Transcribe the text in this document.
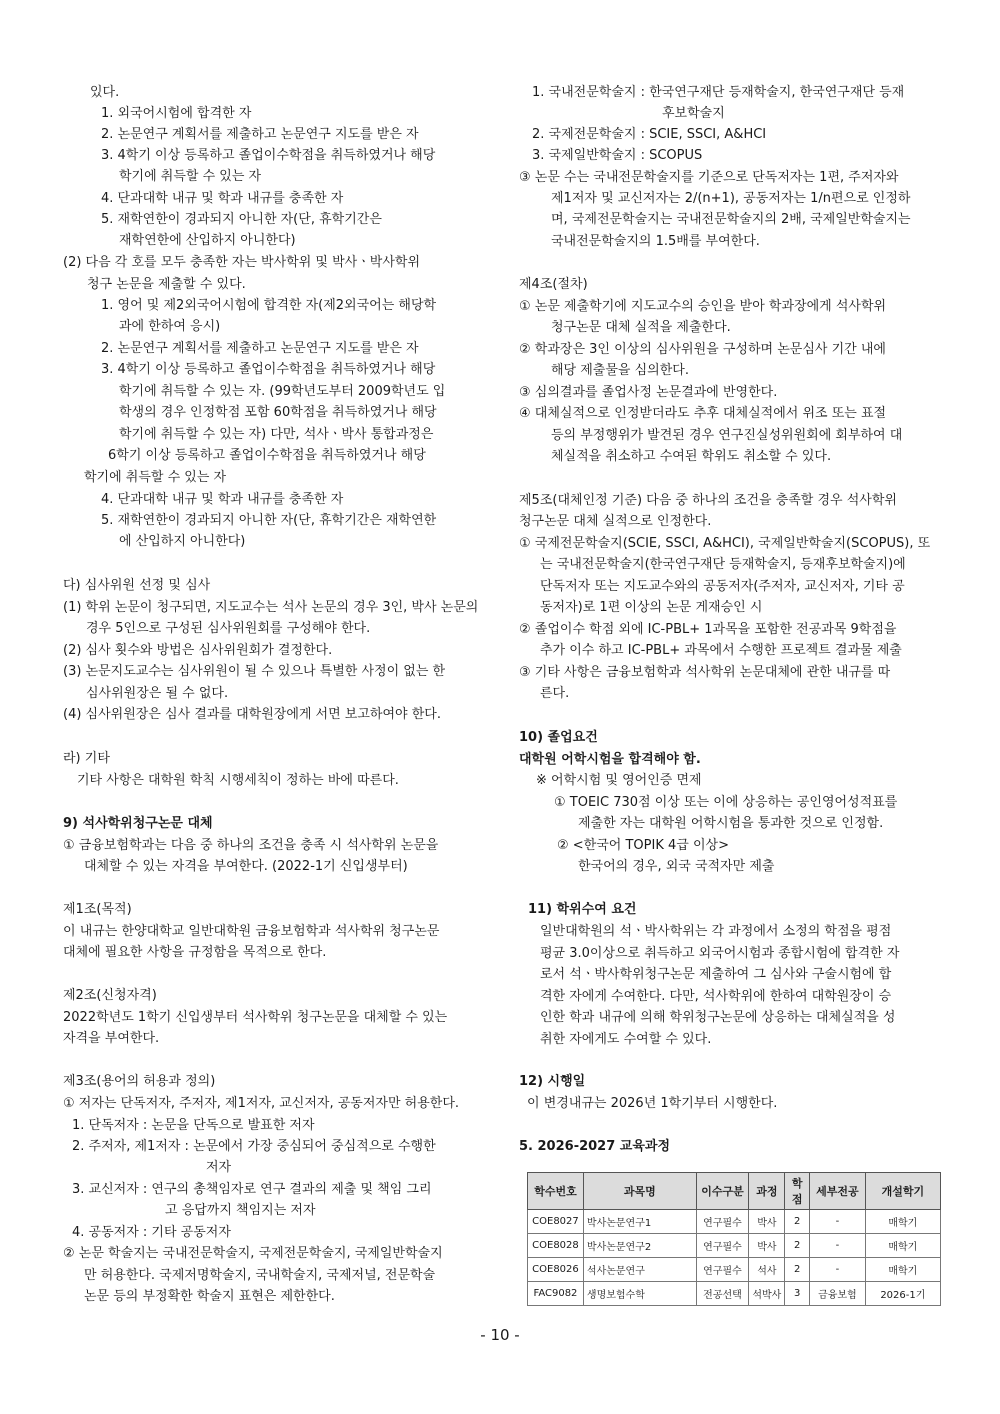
있다.
1. 외국어시험에 합격한 자
2. 논문연구 계획서를 제출하고 논문연구 지도를 받은 자
3. 4학기 이상 등록하고 졸업이수학점을 취득하였거나 해당
학기에 취득할 수 있는 자
4. 단과대학 내규 및 학과 내규를 충족한 자
5. 재학연한이 경과되지 아니한 자(단, 휴학기간은
재학연한에 산입하지 아니한다)
(2) 다음 각 호를 모두 충족한 자는 박사학위 및 박사ㆍ박사학위
청구 논문을 제출할 수 있다.
1. 영어 및 제2외국어시험에 합격한 자(제2외국어는 해당학
과에 한하여 응시)
2. 논문연구 계획서를 제출하고 논문연구 지도를 받은 자
3. 4학기 이상 등록하고 졸업이수학점을 취득하였거나 해당
학기에 취득할 수 있는 자. (99학년도부터 2009학년도 입
학생의 경우 인정학점 포함 60학점을 취득하였거나 해당
학기에 취득할 수 있는 자) 다만, 석사ㆍ박사 통합과정은
6학기 이상 등록하고 졸업이수학점을 취득하였거나 해당
학기에 취득할 수 있는 자
4. 단과대학 내규 및 학과 내규를 충족한 자
5. 재학연한이 경과되지 아니한 자(단, 휴학기간은 재학연한
에 산입하지 아니한다)
다) 심사위원 선정 및 심사
(1) 학위 논문이 청구되면, 지도교수는 석사 논문의 경우 3인, 박사 논문의
경우 5인으로 구성된 심사위원회를 구성해야 한다.
(2) 심사 횟수와 방법은 심사위원회가 결정한다.
(3) 논문지도교수는 심사위원이 될 수 있으나 특별한 사정이 없는 한
심사위원장은 될 수 없다.
(4) 심사위원장은 심사 결과를 대학원장에게 서면 보고하여야 한다.
라) 기타
기타 사항은 대학원 학칙 시행세칙이 정하는 바에 따른다.
9) 석사학위청구논문 대체
① 금융보험학과는 다음 중 하나의 조건을 충족 시 석사학위 논문을
대체할 수 있는 자격을 부여한다. (2022-1기 신입생부터)
제1조(목적)
이 내규는 한양대학교 일반대학원 금융보험학과 석사학위 청구논문
대체에 필요한 사항을 규정함을 목적으로 한다.
제2조(신청자격)
2022학년도 1학기 신입생부터 석사학위 청구논문을 대체할 수 있는
자격을 부여한다.
제3조(용어의 허용과 정의)
① 저자는 단독저자, 주저자, 제1저자, 교신저자, 공동저자만 허용한다.
1. 단독저자 : 논문을 단독으로 발표한 저자
2. 주저자, 제1저자 : 논문에서 가장 중심되어 중심적으로 수행한
저자
3. 교신저자 : 연구의 총책임자로 연구 결과의 제출 및 책임 그리
고 응답까지 책임지는 저자
4. 공동저자 : 기타 공동저자
② 논문 학술지는 국내전문학술지, 국제전문학술지, 국제일반학술지
만 허용한다. 국제저명학술지, 국내학술지, 국제저널, 전문학술
논문 등의 부정확한 학술지 표현은 제한한다.
1. 국내전문학술지 : 한국연구재단 등재학술지, 한국연구재단 등재
후보학술지
2. 국제전문학술지 : SCIE, SSCI, A&HCI
3. 국제일반학술지 : SCOPUS
③ 논문 수는 국내전문학술지를 기준으로 단독저자는 1편, 주저자와
제1저자 및 교신저자는 2/(n+1), 공동저자는 1/n편으로 인정하
며, 국제전문학술지는 국내전문학술지의 2배, 국제일반학술지는
국내전문학술지의 1.5배를 부여한다.
제4조(절차)
① 논문 제출학기에 지도교수의 승인을 받아 학과장에게 석사학위
청구논문 대체 실적을 제출한다.
② 학과장은 3인 이상의 심사위원을 구성하며 논문심사 기간 내에
해당 제출물을 심의한다.
③ 심의결과를 졸업사정 논문결과에 반영한다.
④ 대체실적으로 인정받더라도 추후 대체실적에서 위조 또는 표절
등의 부정행위가 발견된 경우 연구진실성위원회에 회부하여 대
체실적을 취소하고 수여된 학위도 취소할 수 있다.
제5조(대체인정 기준) 다음 중 하나의 조건을 충족할 경우 석사학위
청구논문 대체 실적으로 인정한다.
① 국제전문학술지(SCIE, SSCI, A&HCI), 국제일반학술지(SCOPUS), 또
는 국내전문학술지(한국연구재단 등재학술지, 등재후보학술지)에
단독저자 또는 지도교수와의 공동저자(주저자, 교신저자, 기타 공
동저자)로 1편 이상의 논문 게재승인 시
② 졸업이수 학점 외에 IC-PBL+ 1과목을 포함한 전공과목 9학점을
추가 이수 하고 IC-PBL+ 과목에서 수행한 프로젝트 결과물 제출
③ 기타 사항은 금융보험학과 석사학위 논문대체에 관한 내규를 따
른다.
10) 졸업요건
대학원 어학시험을 합격해야 함.
※ 어학시험 및 영어인증 면제
① TOEIC 730점 이상 또는 이에 상응하는 공인영어성적표를
제출한 자는 대학원 어학시험을 통과한 것으로 인정함.
② <한국어 TOPIK 4급 이상>
한국어의 경우, 외국 국적자만 제출
11) 학위수여 요건
일반대학원의 석ㆍ박사학위는 각 과정에서 소정의 학점을 평점
평균 3.0이상으로 취득하고 외국어시험과 종합시험에 합격한 자
로서 석ㆍ박사학위청구논문 제출하여 그 심사와 구술시험에 합
격한 자에게 수여한다. 다만, 석사학위에 한하여 대학원장이 승
인한 학과 내규에 의해 학위청구논문에 상응하는 대체실적을 성
취한 자에게도 수여할 수 있다.
12) 시행일
이 변경내규는 2026년 1학기부터 시행한다.
5. 2026-2027 교육과정
학수번호	과목명	이수구분	과정	학점	세부전공	개설학기
COE8027	박사논문연구1	연구필수	박사	2	-	매학기
COE8028	박사논문연구2	연구필수	박사	2	-	매학기
COE8026	석사논문연구	연구필수	석사	2	-	매학기
FAC9082	생명보험수학	전공선택	석박사	3	금융보험	2026-1기
- 10 -
